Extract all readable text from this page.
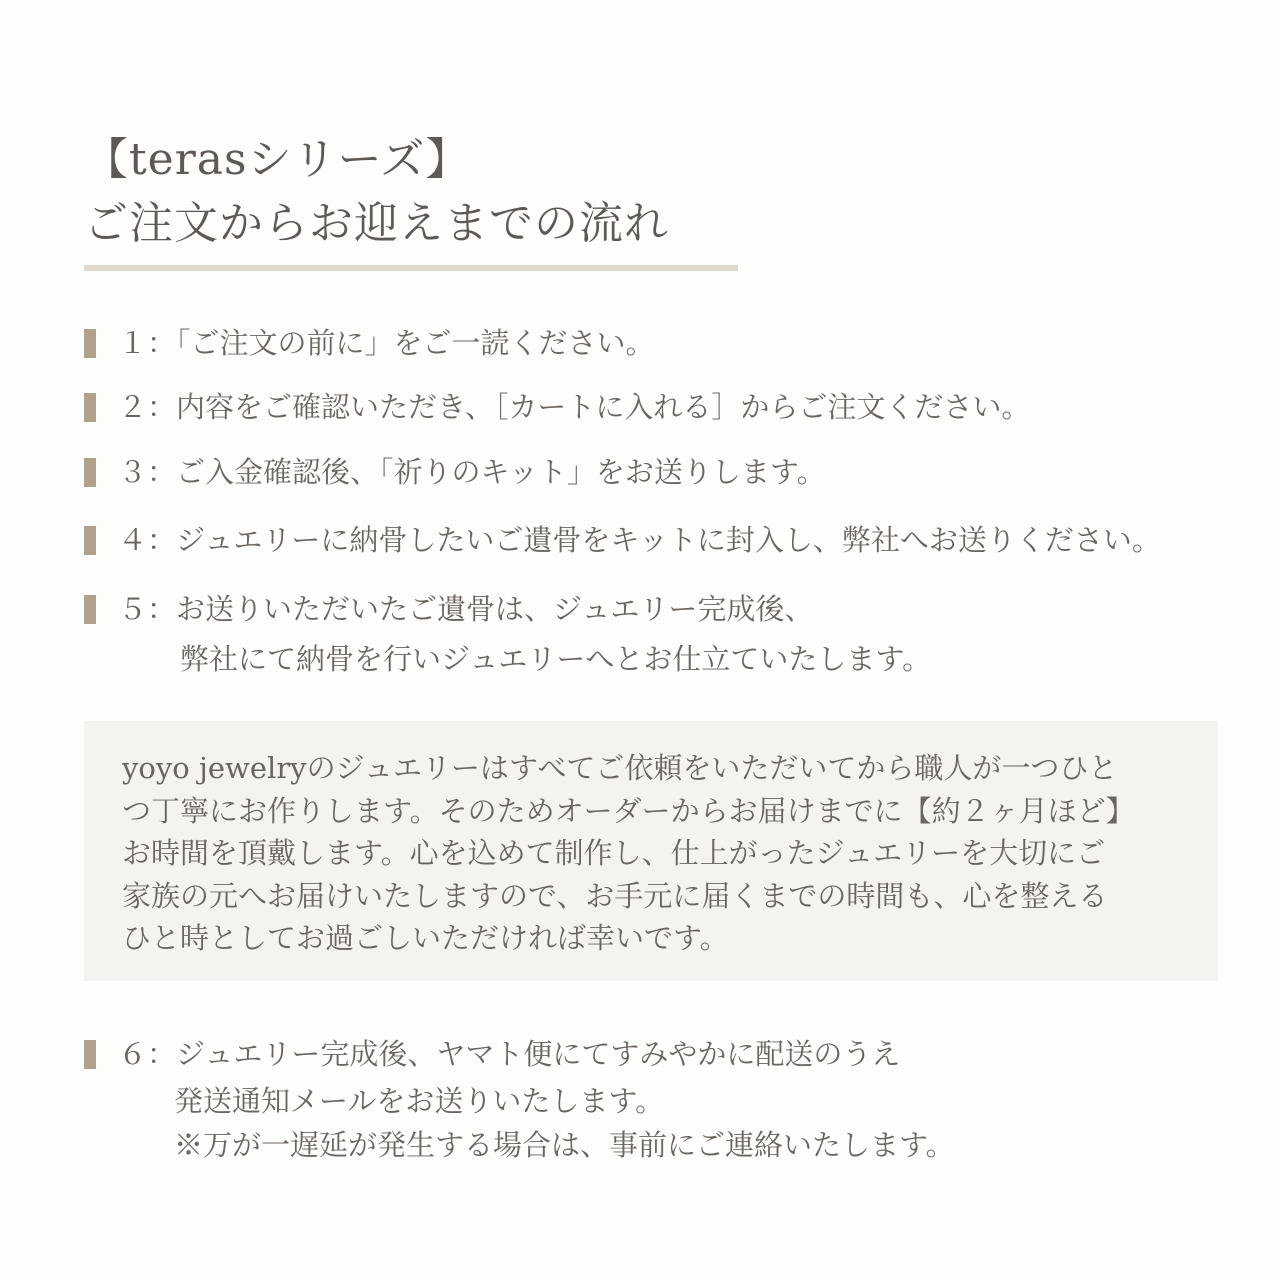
【terasシリーズ】
ご注文からお迎えまでの流れ
１：「ご注文の前に」をご一読ください。
２：内容をご確認いただき、［カートに入れる］からご注文ください。
３：ご入金確認後、「祈りのキット」をお送りします。
４：ジュエリーに納骨したいご遺骨をキットに封入し、弊社へお送りください。
５：お送りいただいたご遺骨は、ジュエリー完成後、
弊社にて納骨を行いジュエリーへとお仕立ていたします。

yoyo jewelryのジュエリーはすべてご依頼をいただいてから職人が一つひと
つ丁寧にお作りします。そのためオーダーからお届けまでに【約２ヶ月ほど】
お時間を頂戴します。心を込めて制作し、仕上がったジュエリーを大切にご
家族の元へお届けいたしますので、お手元に届くまでの時間も、心を整える
ひと時としてお過ごしいただければ幸いです。

６：ジュエリー完成後、ヤマト便にてすみやかに配送のうえ
発送通知メールをお送りいたします。
※万が一遅延が発生する場合は、事前にご連絡いたします。
